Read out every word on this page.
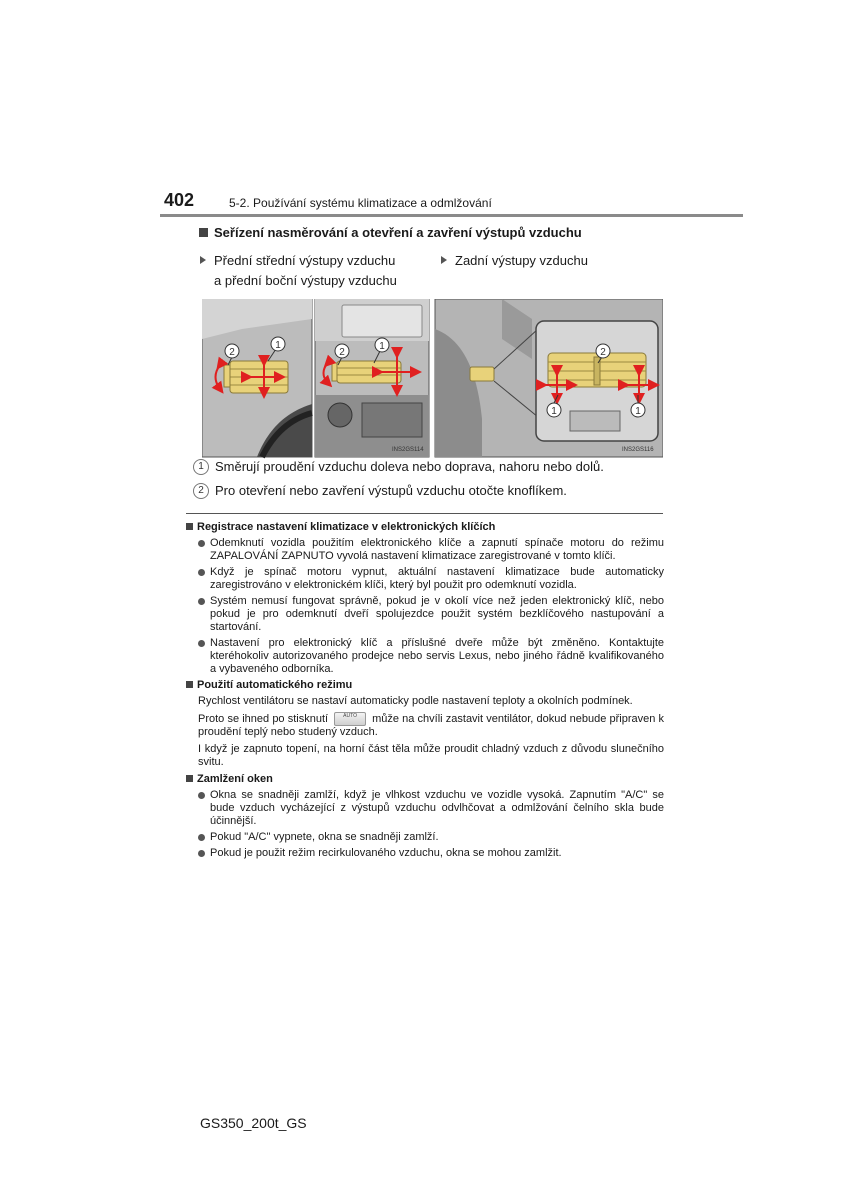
402	5-2. Používání systému klimatizace a odmlžování
Seřízení nasměrování a otevření a zavření výstupů vzduchu
Přední střední výstupy vzduchu
a přední boční výstupy vzduchu
Zadní výstupy vzduchu
2
1
2
1
INS2GS114
2
1	1
INS2GS116
1 Směrují proudění vzduchu doleva nebo doprava, nahoru nebo dolů.
2 Pro otevření nebo zavření výstupů vzduchu otočte knoflíkem.
Registrace nastavení klimatizace v elektronických klíčích
Odemknutí vozidla použitím elektronického klíče a zapnutí spínače motoru do režimu ZAPALOVÁNÍ ZAPNUTO vyvolá nastavení klimatizace zaregistrované v tomto klíči.
Když je spínač motoru vypnut, aktuální nastavení klimatizace bude automaticky zaregistrováno v elektronickém klíči, který byl použit pro odemknutí vozidla.
Systém nemusí fungovat správně, pokud je v okolí více než jeden elektronický klíč, nebo pokud je pro odemknutí dveří spolujezdce použit systém bezklíčového nastupování a startování.
Nastavení pro elektronický klíč a příslušné dveře může být změněno. Kontaktujte kteréhokoliv autorizovaného prodejce nebo servis Lexus, nebo jiného řádně kvalifikovaného a vybaveného odborníka.
Použití automatického režimu
Rychlost ventilátoru se nastaví automaticky podle nastavení teploty a okolních podmínek.
Proto se ihned po stisknutí	AUTO může na chvíli zastavit ventilátor, dokud nebude připraven k proudění teplý nebo studený vzduch.
I když je zapnuto topení, na horní část těla může proudit chladný vzduch z důvodu slunečního svitu.
Zamlžení oken
Okna se snadněji zamlží, když je vlhkost vzduchu ve vozidle vysoká. Zapnutím "A/C" se bude vzduch vycházející z výstupů vzduchu odvlhčovat a odmlžování čelního skla bude účinnější.
Pokud "A/C" vypnete, okna se snadněji zamlží.
Pokud je použit režim recirkulovaného vzduchu, okna se mohou zamlžit.
GS350_200t_GS
